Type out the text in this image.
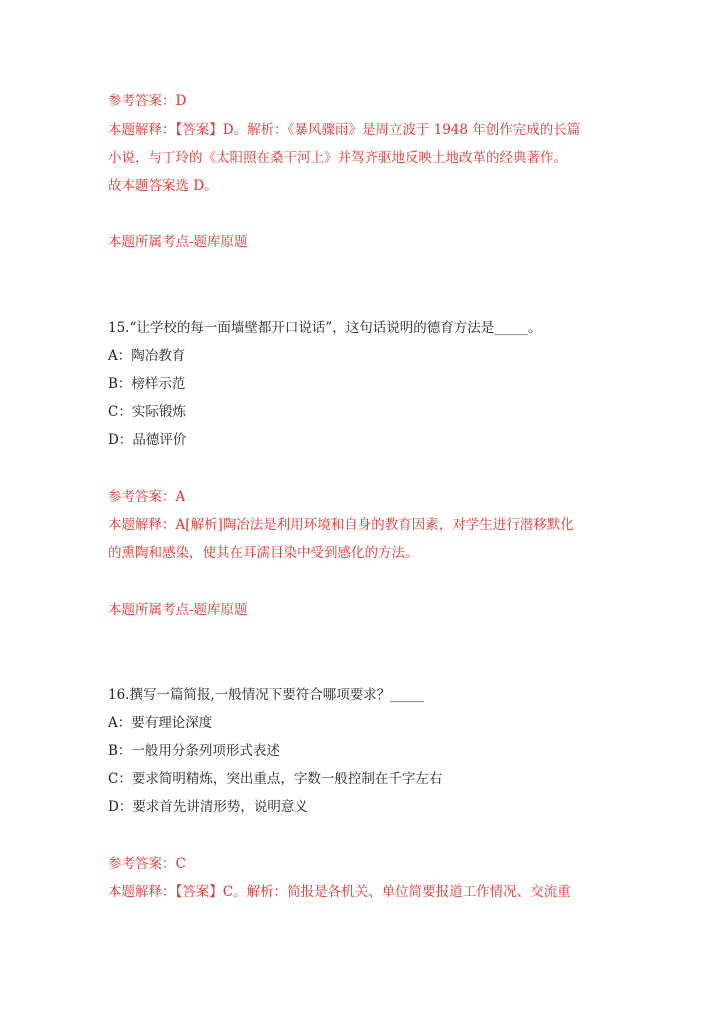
参考答案：D
本题解释：【答案】D。解析：《暴风骤雨》是周立波于 1948 年创作完成的长篇
小说，与丁玲的《太阳照在桑干河上》并驾齐驱地反映土地改革的经典著作。
故本题答案选 D。
本题所属考点-题库原题
15.“让学校的每一面墙壁都开口说话”，这句话说明的德育方法是_____。
A：陶冶教育
B：榜样示范
C：实际锻炼
D：品德评价
参考答案：A
本题解释：A[解析]陶冶法是利用环境和自身的教育因素，对学生进行潜移默化
的熏陶和感染，使其在耳濡目染中受到感化的方法。
本题所属考点-题库原题
16.撰写一篇简报,一般情况下要符合哪项要求？_____
A：要有理论深度
B：一般用分条列项形式表述
C：要求简明精炼，突出重点，字数一般控制在千字左右
D：要求首先讲清形势，说明意义
参考答案：C
本题解释：【答案】C。解析：简报是各机关、单位简要报道工作情况、交流重
